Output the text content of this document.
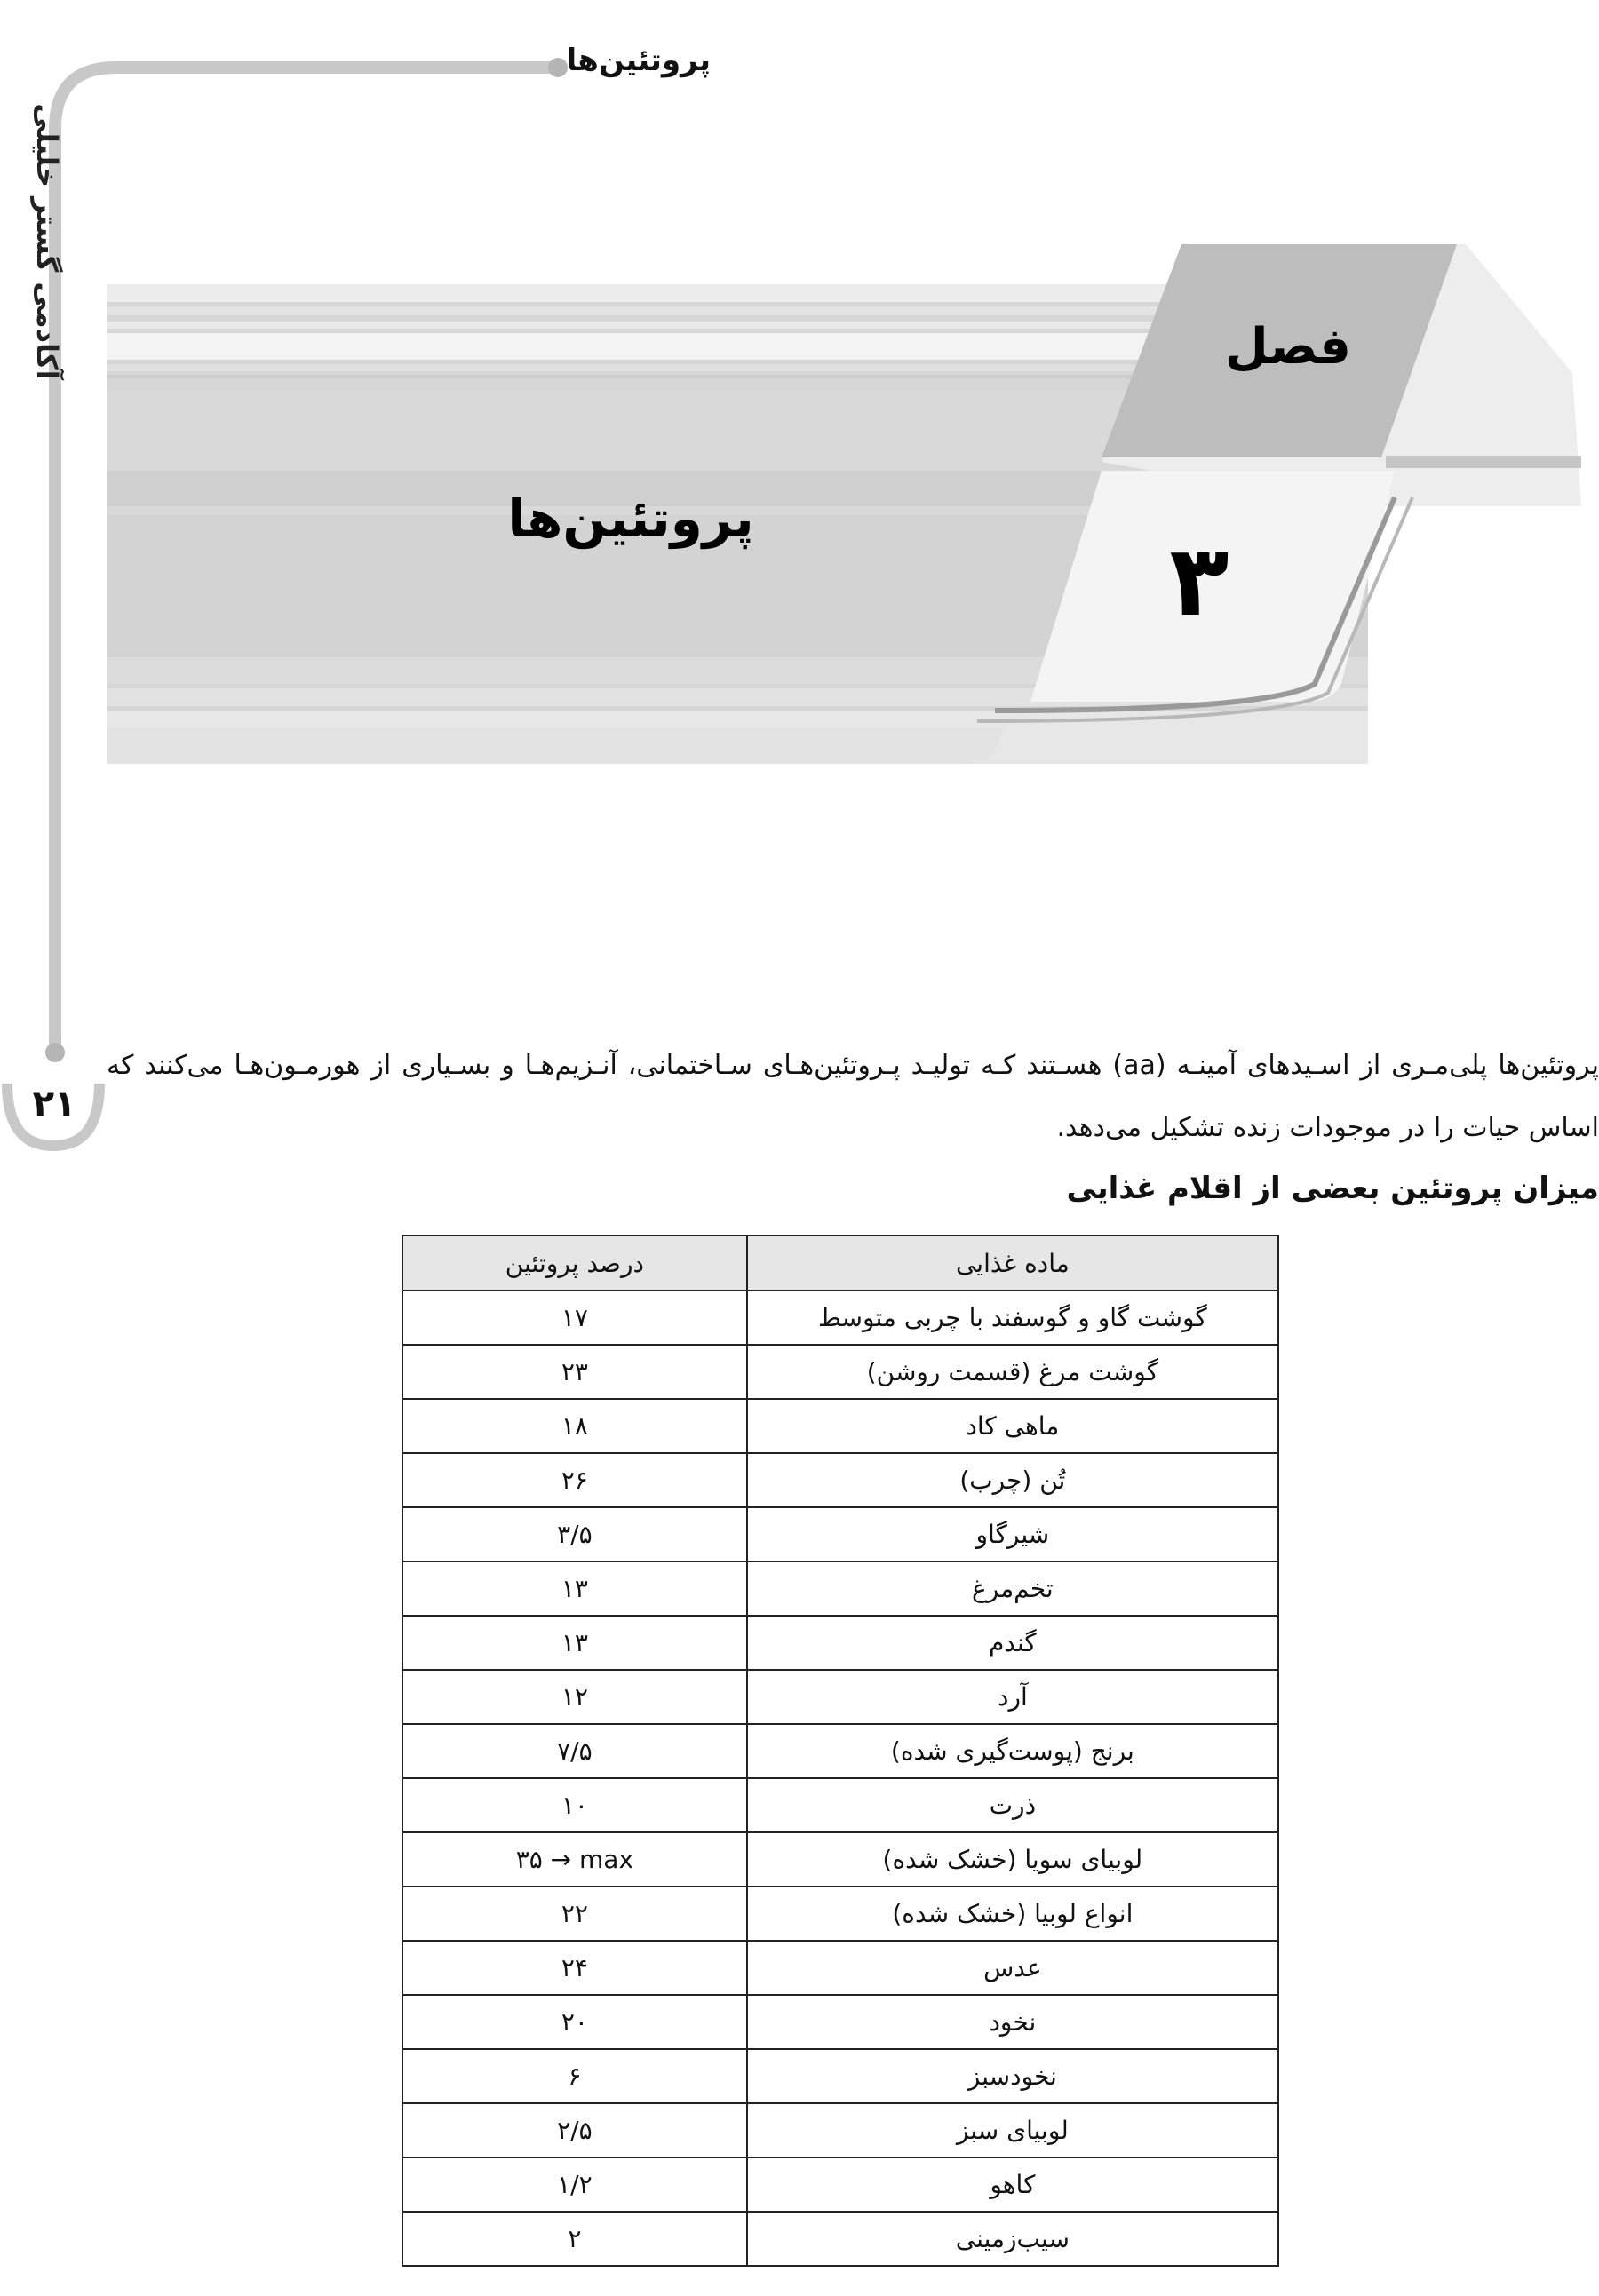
پروتئین‌ها
آکادمی‌ گستر خلیلی
۲۱
فصل
۳
پروتئین‌ها
پروتئین‌ها پلی‌مـری از اسـیدهای آمینـه (aa) هسـتند کـه تولیـد پـروتئین‌هـای سـاختمانی، آنـزیم‌هـا و بسـیاری از هورمـون‌هـا می‌کنند که اساس حیات را در موجودات زنده تشکیل می‌دهد.
میزان پروتئین بعضی از اقلام غذایی
ماده غذایی	درصد پروتئین
گوشت گاو و گوسفند با چربی متوسط	۱۷
گوشت مرغ (قسمت روشن)	۲۳
ماهی کاد	۱۸
تُن (چرب)	۲۶
شیرگاو	۳/۵
تخم‌مرغ	۱۳
گندم	۱۳
آرد	۱۲
برنج (پوست‌گیری شده)	۷/۵
ذرت	۱۰
لوبیای سویا (خشک شده)	۳۵ → max
انواع لوبیا (خشک شده)	۲۲
عدس	۲۴
نخود	۲۰
نخودسبز	۶
لوبیای سبز	۲/۵
کاهو	۱/۲
سیب‌زمینی	۲
